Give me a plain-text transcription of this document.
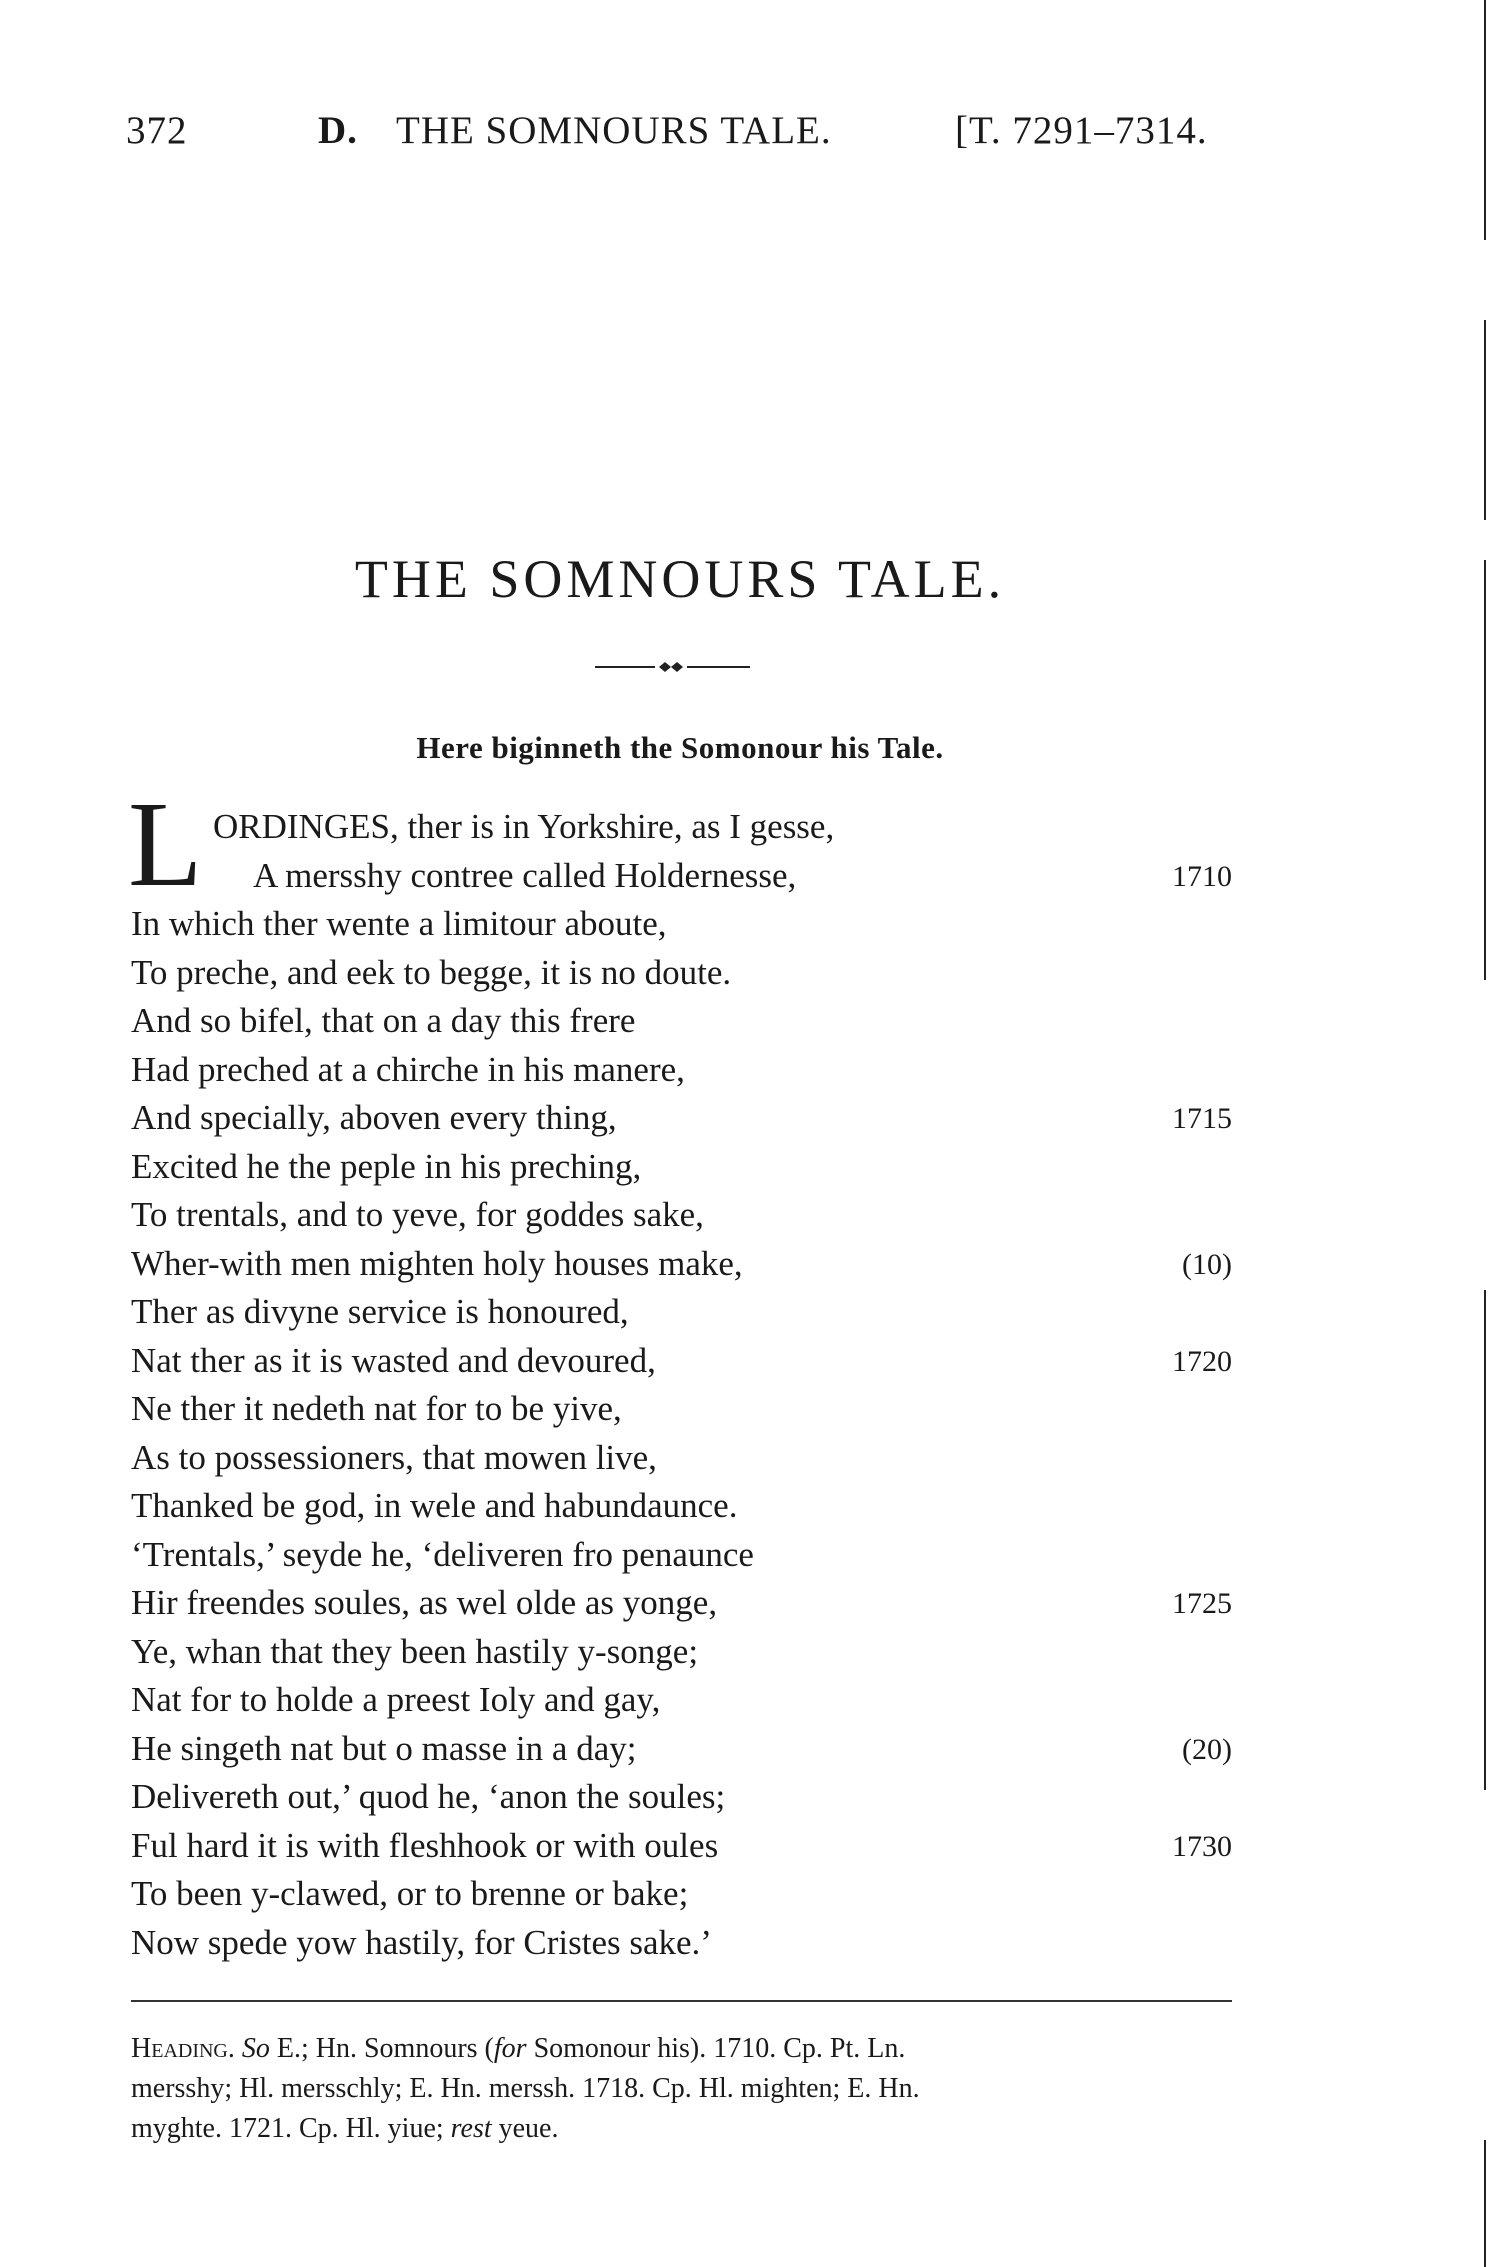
372	D. THE SOMNOURS TALE.	[T. 7291–7314.
THE SOMNOURS TALE.
Here biginneth the Somonour his Tale.
L ORDINGES, ther is in Yorkshire, as I gesse,
A mersshy contree called Holdernesse,	1710
In which ther wente a limitour aboute,
To preche, and eek to begge, it is no doute.
And so bifel, that on a day this frere
Had preched at a chirche in his manere,
And specially, aboven every thing,	1715
Excited he the peple in his preching,
To trentals, and to yeve, for goddes sake,
Wher-with men mighten holy houses make,	(10)
Ther as divyne service is honoured,
Nat ther as it is wasted and devoured,	1720
Ne ther it nedeth nat for to be yive,
As to possessioners, that mowen live,
Thanked be god, in wele and habundaunce.
‘Trentals,’ seyde he, ‘deliveren fro penaunce
Hir freendes soules, as wel olde as yonge,	1725
Ye, whan that they been hastily y-songe;
Nat for to holde a preest Ioly and gay,
He singeth nat but o masse in a day;	(20)
Delivereth out,’ quod he, ‘anon the soules;
Ful hard it is with fleshhook or with oules	1730
To been y-clawed, or to brenne or bake;
Now spede yow hastily, for Cristes sake.’
Heading. So E.; Hn. Somnours (for Somonour his). 1710. Cp. Pt. Ln.
mersshy; Hl. mersschly; E. Hn. merssh. 1718. Cp. Hl. mighten; E. Hn.
myghte. 1721. Cp. Hl. yiue; rest yeue.
